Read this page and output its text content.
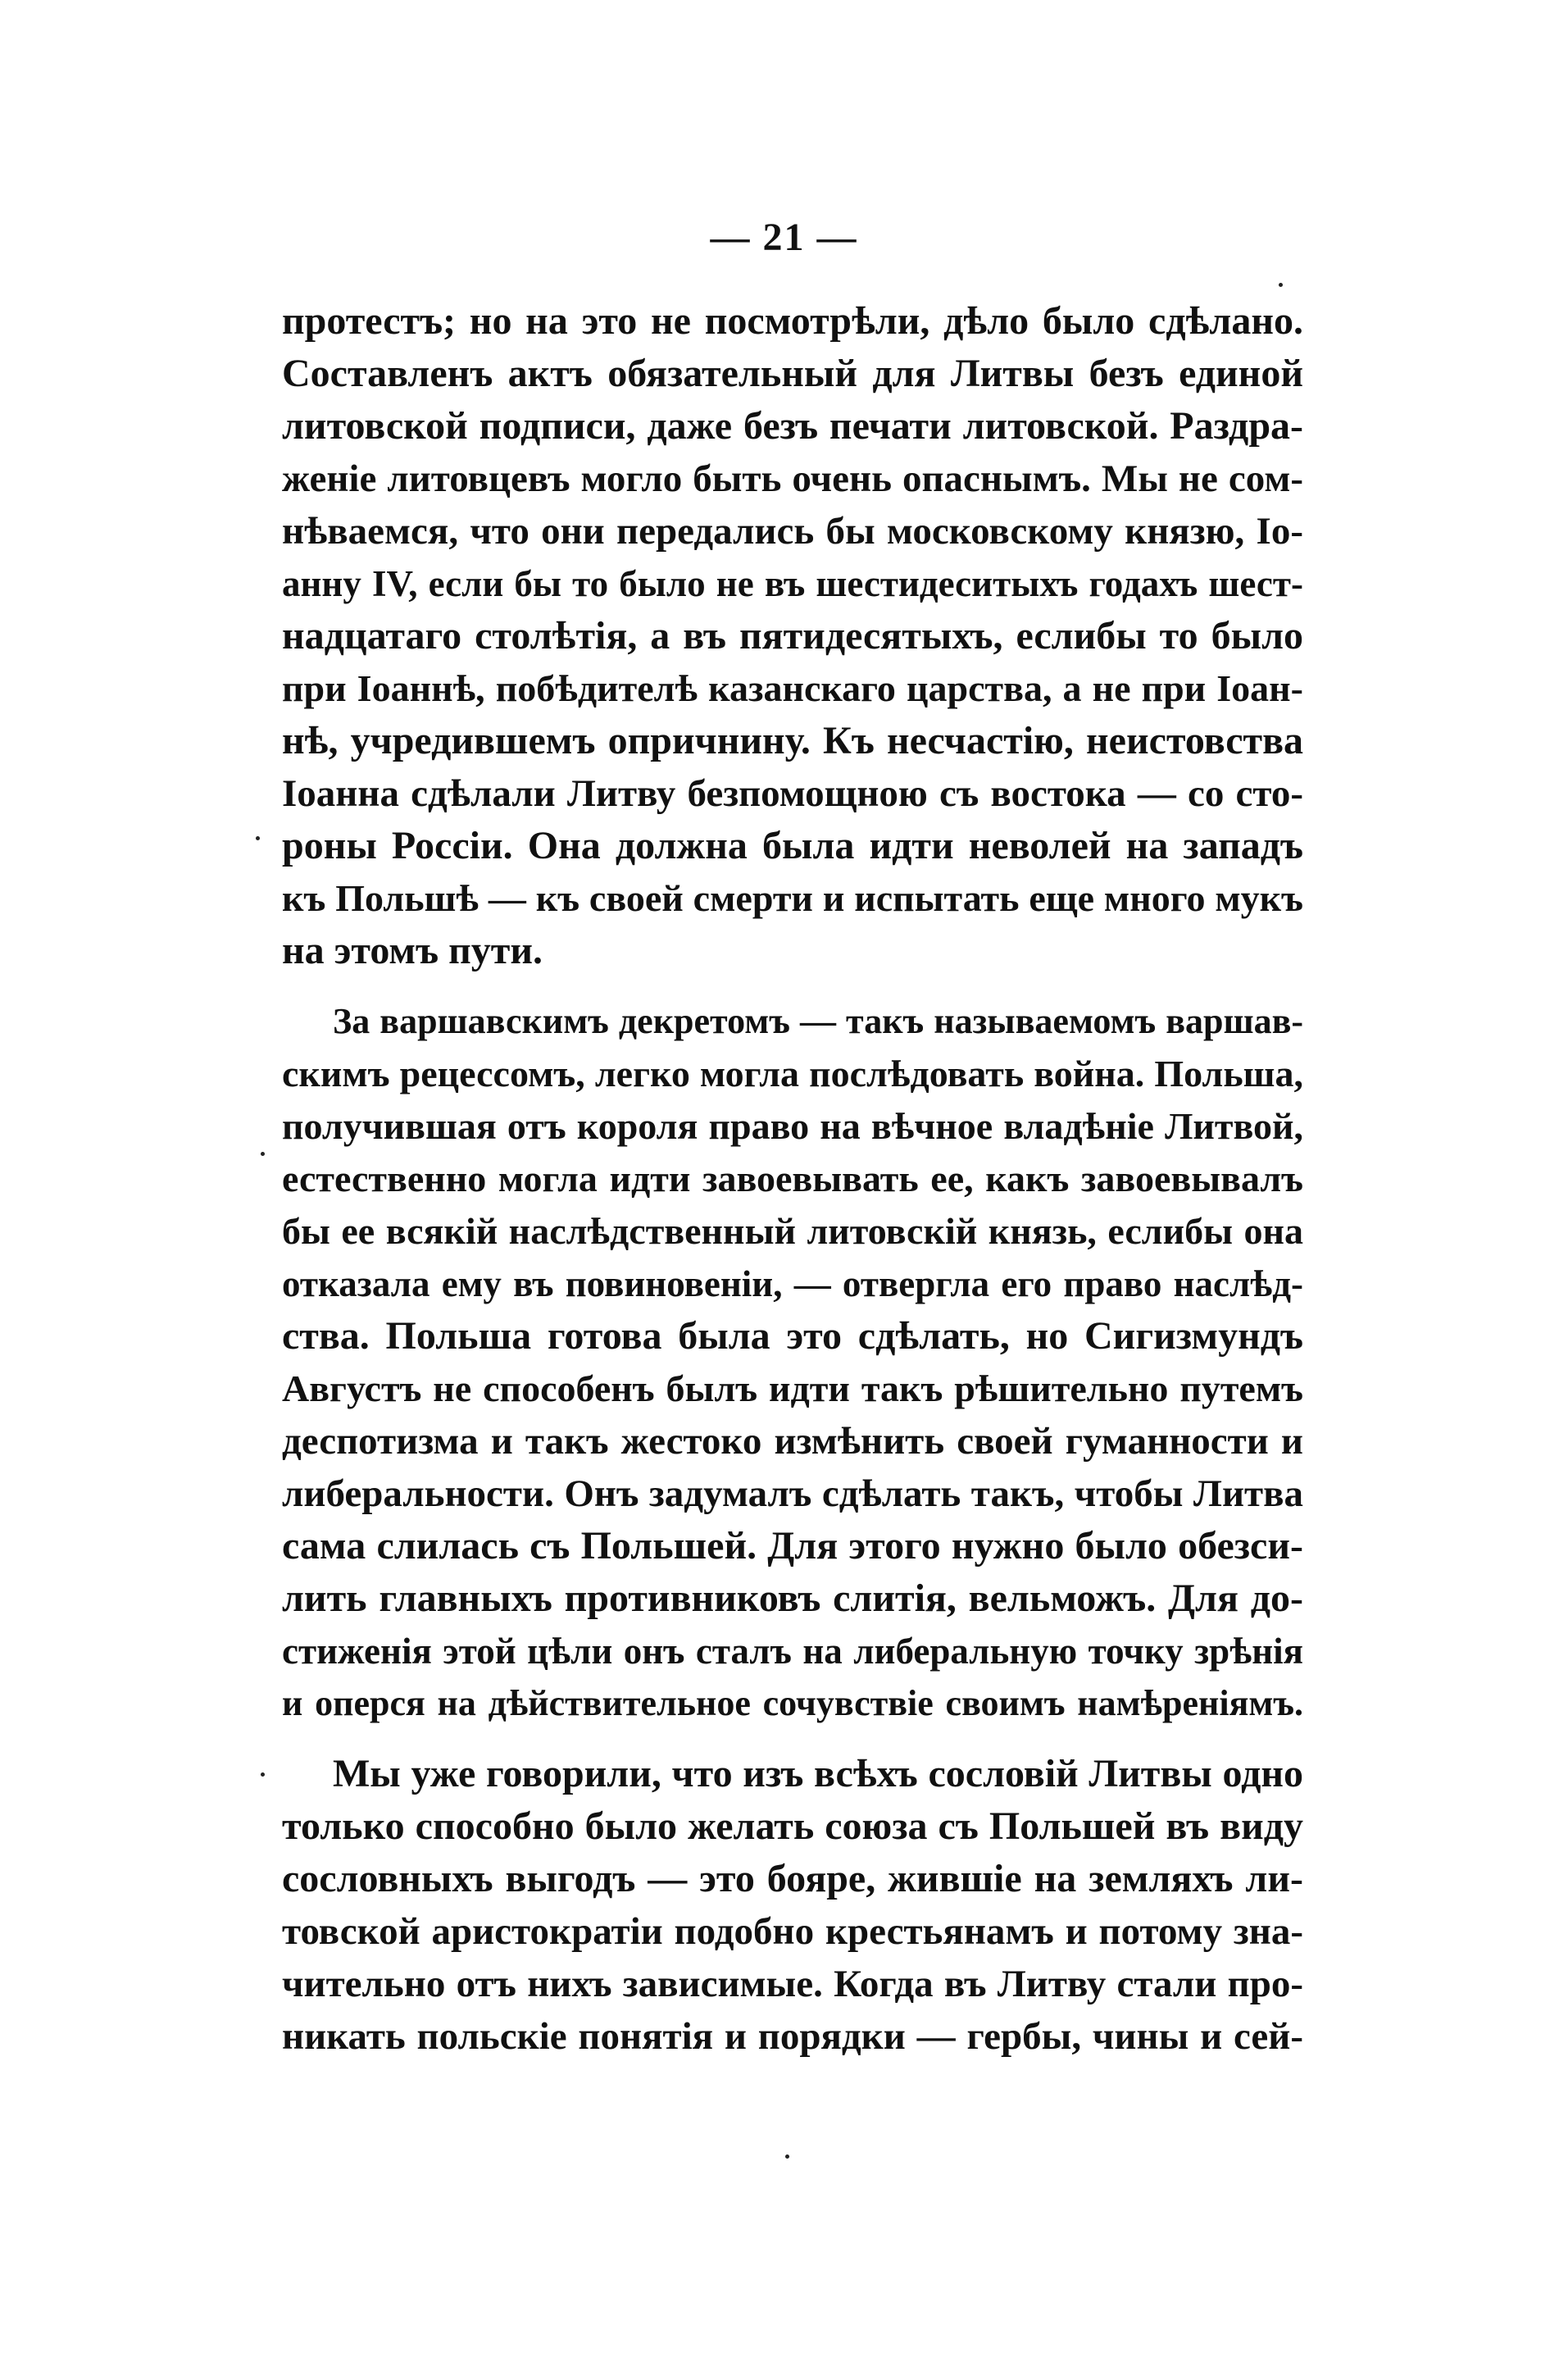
— 21 —
протестъ; но на это не посмотрѣли, дѣло было сдѣлано.
Составленъ актъ обязательный для Литвы безъ единой
литовской подписи, даже безъ печати литовской. Раздра-
женіе литовцевъ могло быть очень опаснымъ. Мы не сом-
нѣваемся, что они передались бы московскому князю, Іо-
анну IV, если бы то было не въ шестидеситыхъ годахъ шест-
надцатаго столѣтія, а въ пятидесятыхъ, еслибы то было
при Іоаннѣ, побѣдителѣ казанскаго царства, а не при Іоан-
нѣ, учредившемъ опричнину. Къ несчастію, неистовства
Іоанна сдѣлали Литву безпомощною съ востока — со сто-
роны Россіи. Она должна была идти неволей на западъ
къ Польшѣ — къ своей смерти и испытать еще много мукъ
на этомъ пути.
За варшавскимъ декретомъ — такъ называемомъ варшав-
скимъ рецессомъ, легко могла послѣдовать война. Польша,
получившая отъ короля право на вѣчное владѣніе Литвой,
естественно могла идти завоевывать ее, какъ завоевывалъ
бы ее всякій наслѣдственный литовскій князь, еслибы она
отказала ему въ повиновеніи, — отвергла его право наслѣд-
ства. Польша готова была это сдѣлать, но Сигизмундъ
Августъ не способенъ былъ идти такъ рѣшительно путемъ
деспотизма и такъ жестоко измѣнить своей гуманности и
либеральности. Онъ задумалъ сдѣлать такъ, чтобы Литва
сама слилась съ Польшей. Для этого нужно было обезси-
лить главныхъ противниковъ слитія, вельможъ. Для до-
стиженія этой цѣли онъ сталъ на либеральную точку зрѣнія
и оперся на дѣйствительное сочувствіе своимъ намѣреніямъ.
Мы уже говорили, что изъ всѣхъ сословій Литвы одно
только способно было желать союза съ Польшей въ виду
сословныхъ выгодъ — это бояре, жившіе на земляхъ ли-
товской аристократіи подобно крестьянамъ и потому зна-
чительно отъ нихъ зависимые. Когда въ Литву стали про-
никать польскіе понятія и порядки — гербы, чины и сей-
